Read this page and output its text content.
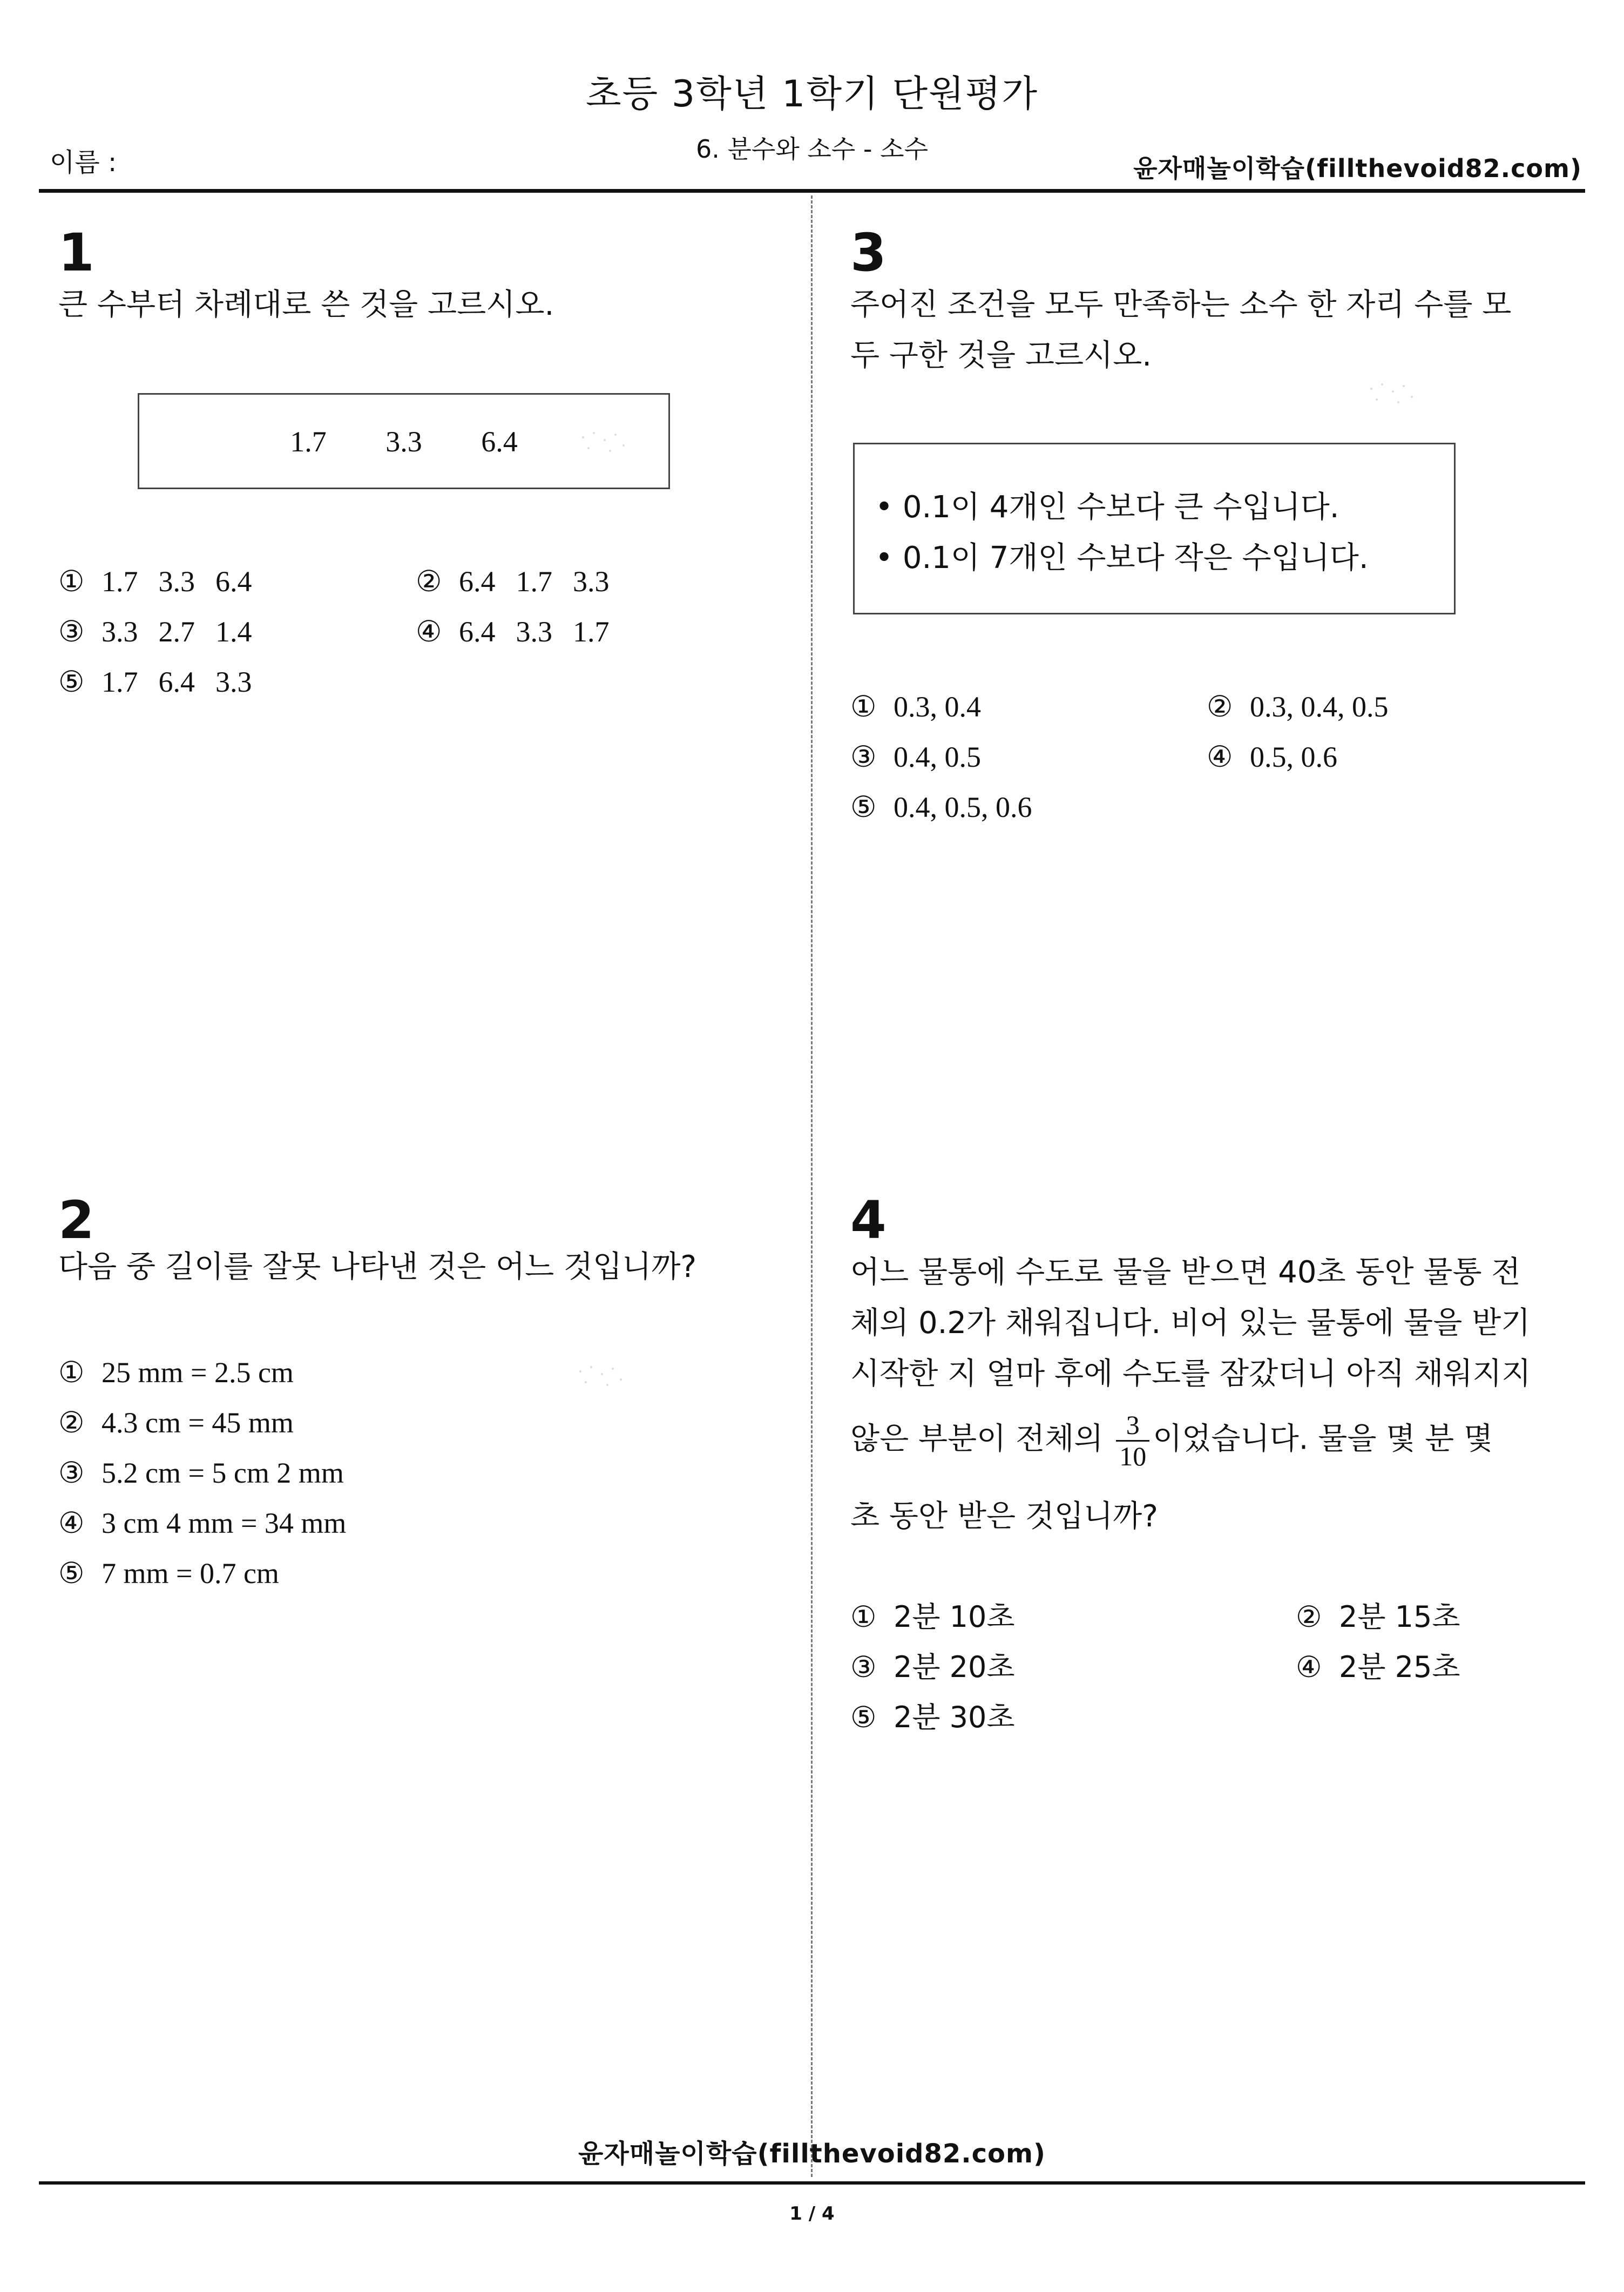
초등 3학년 1학기 단원평가
6. 분수와 소수 - 소수
이름 :	윤자매놀이학습(fillthevoid82.com)
1
큰 수부터 차례대로 쓴 것을 고르시오.
1.7 3.3 6.4
① 1.7 3.3 6.4	② 6.4 1.7 3.3
③ 3.3 2.7 1.4	④ 6.4 3.3 1.7
⑤ 1.7 6.4 3.3
2
다음 중 길이를 잘못 나타낸 것은 어느 것입니까?
① 25 mm = 2.5 cm
② 4.3 cm = 45 mm
③ 5.2 cm = 5 cm 2 mm
④ 3 cm 4 mm = 34 mm
⑤ 7 mm = 0.7 cm
3
주어진 조건을 모두 만족하는 소수 한 자리 수를 모
두 구한 것을 고르시오.
• 0.1이 4개인 수보다 큰 수입니다.
• 0.1이 7개인 수보다 작은 수입니다.
① 0.3, 0.4	② 0.3, 0.4, 0.5
③ 0.4, 0.5	④ 0.5, 0.6
⑤ 0.4, 0.5, 0.6
4
어느 물통에 수도로 물을 받으면 40초 동안 물통 전
체의 0.2가 채워집니다. 비어 있는 물통에 물을 받기
시작한 지 얼마 후에 수도를 잠갔더니 아직 채워지지
않은 부분이 전체의 $\frac{3}{10}$ 이었습니다. 물을 몇 분 몇
초 동안 받은 것입니까?
① 2분 10초	② 2분 15초
③ 2분 20초	④ 2분 25초
⑤ 2분 30초
윤자매놀이학습(fillthevoid82.com)
1 / 4
